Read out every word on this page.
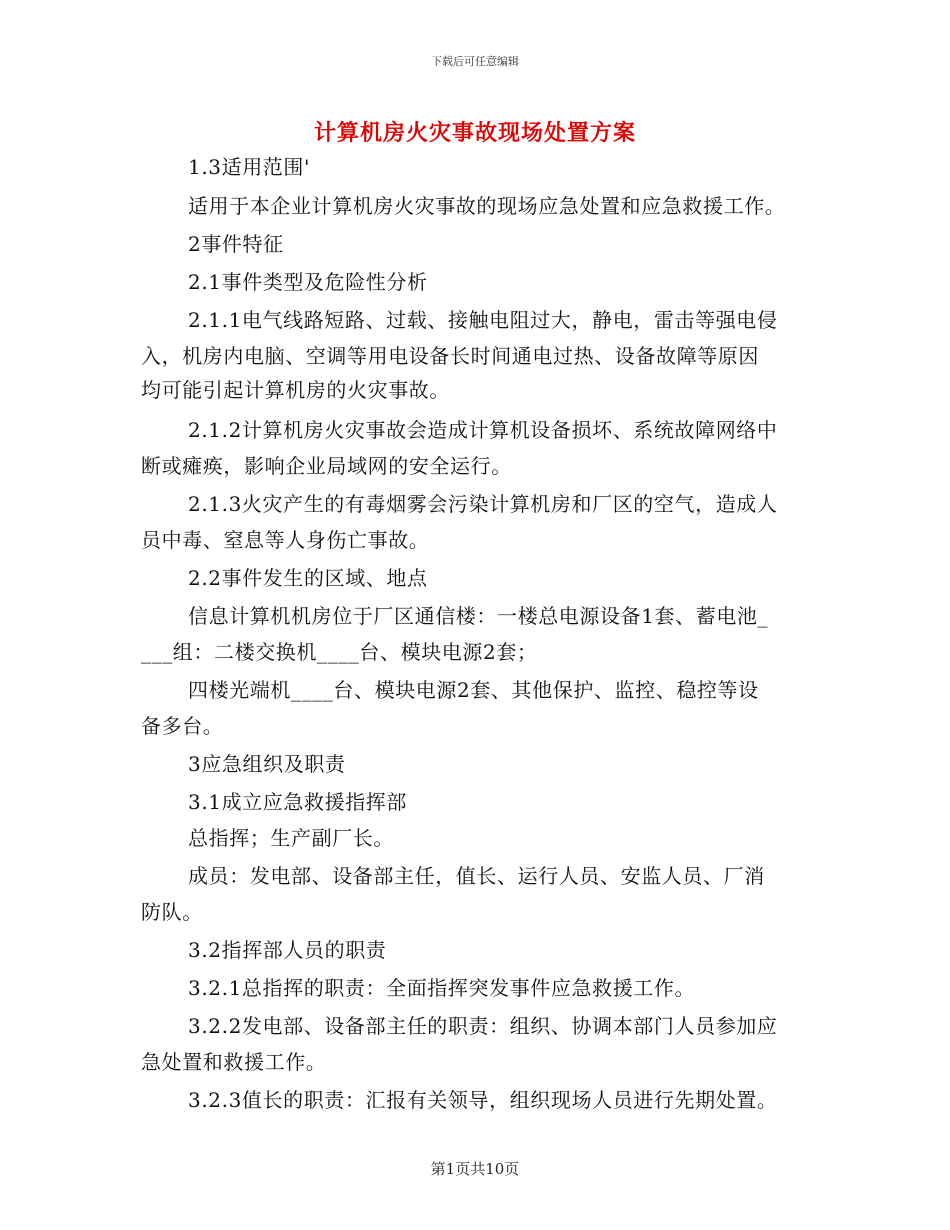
下载后可任意编辑
计算机房火灾事故现场处置方案
1.3适用范围'
适用于本企业计算机房火灾事故的现场应急处置和应急救援工作。
2事件特征
2.1事件类型及危险性分析
2.1.1电气线路短路、过载、接触电阻过大，静电，雷击等强电侵
入，机房内电脑、空调等用电设备长时间通电过热、设备故障等原因
均可能引起计算机房的火灾事故。
2.1.2计算机房火灾事故会造成计算机设备损坏、系统故障网络中
断或瘫痪，影响企业局域网的安全运行。
2.1.3火灾产生的有毒烟雾会污染计算机房和厂区的空气，造成人
员中毒、窒息等人身伤亡事故。
2.2事件发生的区域、地点
信息计算机机房位于厂区通信楼：一楼总电源设备1套、蓄电池_
___组：二楼交换机____台、模块电源2套；
四楼光端机____台、模块电源2套、其他保护、监控、稳控等设
备多台。
3应急组织及职责
3.1成立应急救援指挥部
总指挥；生产副厂长。
成员：发电部、设备部主任，值长、运行人员、安监人员、厂消
防队。
3.2指挥部人员的职责
3.2.1总指挥的职责：全面指挥突发事件应急救援工作。
3.2.2发电部、设备部主任的职责：组织、协调本部门人员参加应
急处置和救援工作。
3.2.3值长的职责：汇报有关领导，组织现场人员进行先期处置。
第1页共10页
